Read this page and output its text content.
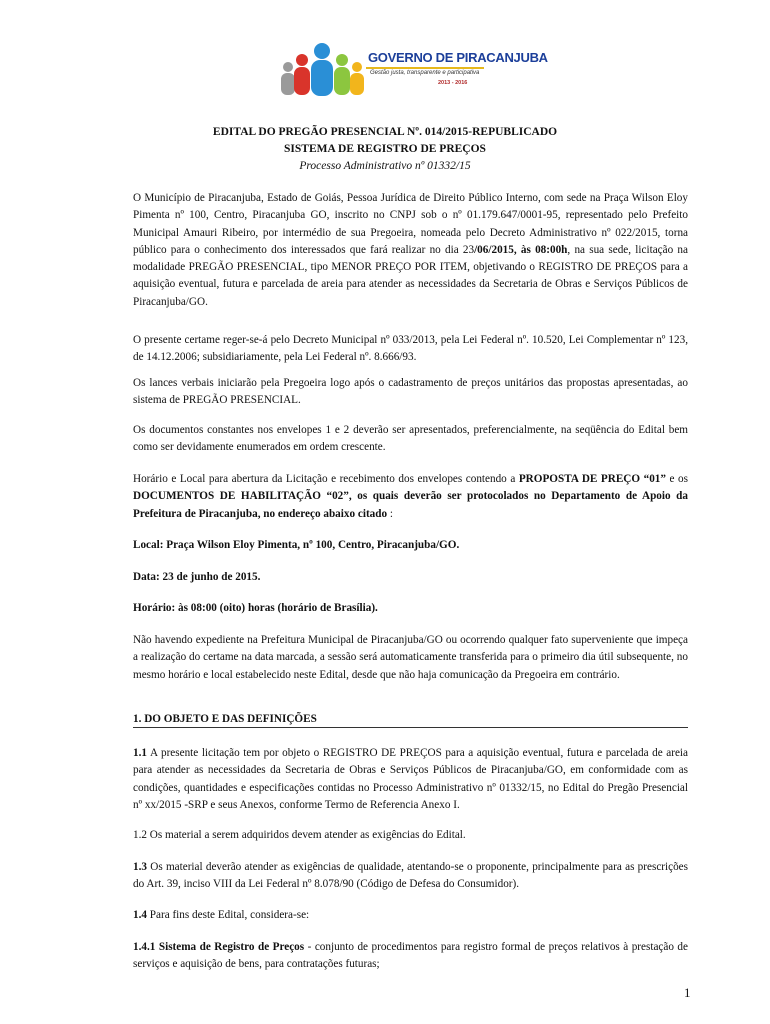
GOVERNO DE PIRACANJUBA
Gestão justa, transparente e participativa
2013 - 2016
EDITAL DO PREGÃO PRESENCIAL Nº. 014/2015-REPUBLICADO
SISTEMA DE REGISTRO DE PREÇOS
Processo Administrativo nº 01332/15

O Município de Piracanjuba, Estado de Goiás, Pessoa Jurídica de Direito Público Interno, com sede na Praça Wilson Eloy Pimenta nº 100, Centro, Piracanjuba GO, inscrito no CNPJ sob o nº 01.179.647/0001-95, representado pelo Prefeito Municipal Amauri Ribeiro, por intermédio de sua Pregoeira, nomeada pelo Decreto Administrativo nº 022/2015, torna público para o conhecimento dos interessados que fará realizar no dia 23/06/2015, às 08:00h, na sua sede, licitação na modalidade PREGÃO PRESENCIAL, tipo MENOR PREÇO POR ITEM, objetivando o REGISTRO DE PREÇOS para a aquisição eventual, futura e parcelada de areia para atender as necessidades da Secretaria de Obras e Serviços Públicos de Piracanjuba/GO.

O presente certame reger-se-á pelo Decreto Municipal nº 033/2013, pela Lei Federal nº. 10.520, Lei Complementar nº 123, de 14.12.2006; subsidiariamente, pela Lei Federal nº. 8.666/93.
Os lances verbais iniciarão pela Pregoeira logo após o cadastramento de preços unitários das propostas apresentadas, ao sistema de PREGÃO PRESENCIAL.
Os documentos constantes nos envelopes 1 e 2 deverão ser apresentados, preferencialmente, na seqüência do Edital bem como ser devidamente enumerados em ordem crescente.

Horário e Local para abertura da Licitação e recebimento dos envelopes contendo a PROPOSTA DE PREÇO “01” e os DOCUMENTOS DE HABILITAÇÃO “02”, os quais deverão ser protocolados no Departamento de Apoio da Prefeitura de Piracanjuba, no endereço abaixo citado :

Local: Praça Wilson Eloy Pimenta, nº 100, Centro, Piracanjuba/GO.
Data: 23 de junho de 2015.
Horário: às 08:00 (oito) horas (horário de Brasília).
Não havendo expediente na Prefeitura Municipal de Piracanjuba/GO ou ocorrendo qualquer fato superveniente que impeça a realização do certame na data marcada, a sessão será automaticamente transferida para o primeiro dia útil subsequente, no mesmo horário e local estabelecido neste Edital, desde que não haja comunicação da Pregoeira em contrário.
1. DO OBJETO E DAS DEFINIÇÕES

1.1 A presente licitação tem por objeto o REGISTRO DE PREÇOS para a aquisição eventual, futura e parcelada de areia para atender as necessidades da Secretaria de Obras e Serviços Públicos de Piracanjuba/GO, em conformidade com as condições, quantidades e especificações contidas no Processo Administrativo nº 01332/15, no Edital do Pregão Presencial nº xx/2015 -SRP e seus Anexos, conforme Termo de Referencia Anexo I.

1.2 Os material a serem adquiridos devem atender as exigências do Edital.

1.3 Os material deverão atender as exigências de qualidade, atentando-se o proponente, principalmente para as prescrições do Art. 39, inciso VIII da Lei Federal nº 8.078/90 (Código de Defesa do Consumidor).

1.4 Para fins deste Edital, considera-se:

1.4.1 Sistema de Registro de Preços - conjunto de procedimentos para registro formal de preços relativos à prestação de serviços e aquisição de bens, para contratações futuras;

1
